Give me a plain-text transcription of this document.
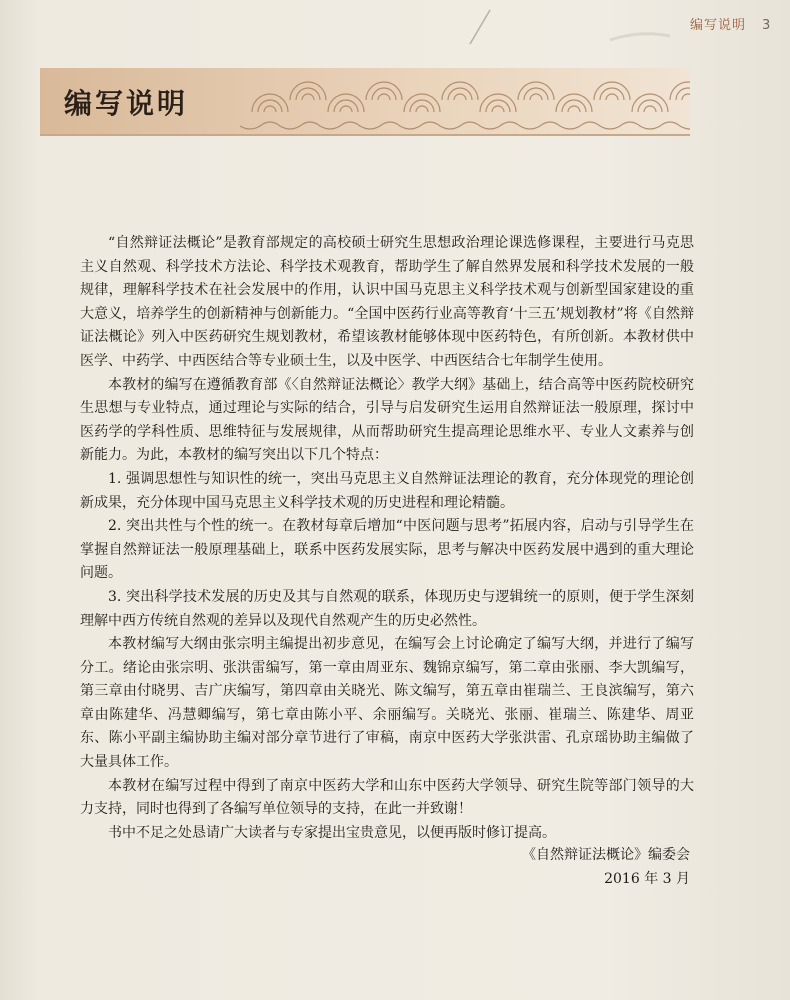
编写说明 3
编写说明

“自然辩证法概论”是教育部规定的高校硕士研究生思想政治理论课选修课程，主要进行马克思主义自然观、科学技术方法论、科学技术观教育，帮助学生了解自然界发展和科学技术发展的一般规律，理解科学技术在社会发展中的作用，认识中国马克思主义科学技术观与创新型国家建设的重大意义，培养学生的创新精神与创新能力。“全国中医药行业高等教育‘十三五’规划教材”将《自然辩证法概论》列入中医药研究生规划教材，希望该教材能够体现中医药特色，有所创新。本教材供中医学、中药学、中西医结合等专业硕士生，以及中医学、中西医结合七年制学生使用。

本教材的编写在遵循教育部《〈自然辩证法概论〉教学大纲》基础上，结合高等中医药院校研究生思想与专业特点，通过理论与实际的结合，引导与启发研究生运用自然辩证法一般原理，探讨中医药学的学科性质、思维特征与发展规律，从而帮助研究生提高理论思维水平、专业人文素养与创新能力。为此，本教材的编写突出以下几个特点：

1. 强调思想性与知识性的统一，突出马克思主义自然辩证法理论的教育，充分体现党的理论创新成果，充分体现中国马克思主义科学技术观的历史进程和理论精髓。

2. 突出共性与个性的统一。在教材每章后增加“中医问题与思考”拓展内容，启动与引导学生在掌握自然辩证法一般原理基础上，联系中医药发展实际，思考与解决中医药发展中遇到的重大理论问题。

3. 突出科学技术发展的历史及其与自然观的联系，体现历史与逻辑统一的原则，便于学生深刻理解中西方传统自然观的差异以及现代自然观产生的历史必然性。

本教材编写大纲由张宗明主编提出初步意见，在编写会上讨论确定了编写大纲，并进行了编写分工。绪论由张宗明、张洪雷编写，第一章由周亚东、魏锦京编写，第二章由张丽、李大凯编写，第三章由付晓男、吉广庆编写，第四章由关晓光、陈文编写，第五章由崔瑞兰、王良滨编写，第六章由陈建华、冯慧卿编写，第七章由陈小平、余丽编写。关晓光、张丽、崔瑞兰、陈建华、周亚东、陈小平副主编协助主编对部分章节进行了审稿，南京中医药大学张洪雷、孔京瑶协助主编做了大量具体工作。

本教材在编写过程中得到了南京中医药大学和山东中医药大学领导、研究生院等部门领导的大力支持，同时也得到了各编写单位领导的支持，在此一并致谢！

书中不足之处恳请广大读者与专家提出宝贵意见，以便再版时修订提高。

《自然辩证法概论》编委会
2016 年 3 月
